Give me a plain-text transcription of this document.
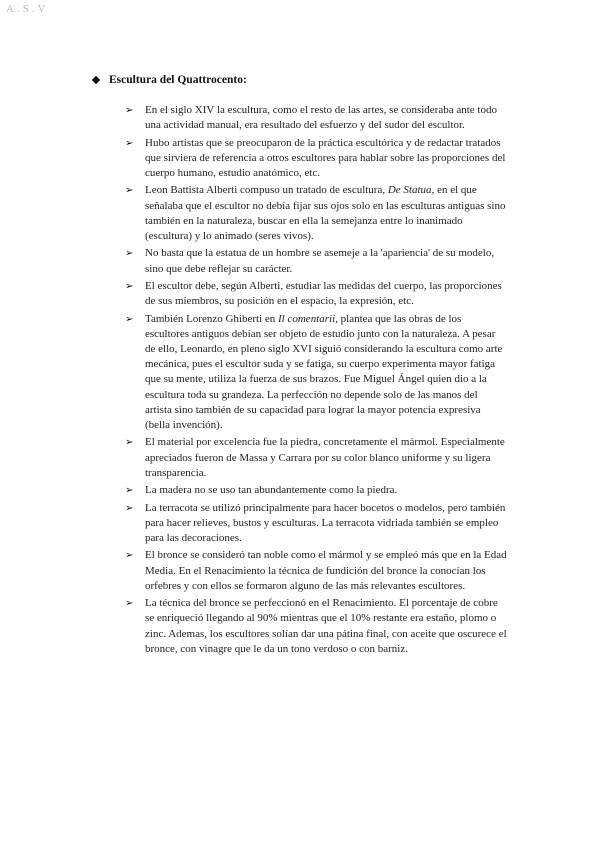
A.S.V
Escultura del Quattrocento:
➢ En el siglo XIV la escultura, como el resto de las artes, se consideraba ante todo una actividad manual, era resultado del esfuerzo y del sudor del escultor.
➢ Hubo artistas que se preocuparon de la práctica escultórica y de redactar tratados que sirviera de referencia a otros escultores para hablar sobre las proporciones del cuerpo humano, estudio anatómico, etc.
➢ Leon Battista Alberti compuso un tratado de escultura, De Statua, en el que señalaba que el escultor no debía fijar sus ojos solo en las esculturas antiguas sino también en la naturaleza, buscar en ella la semejanza entre lo inanimado (escultura) y lo animado (seres vivos).
➢ No basta que la estatua de un hombre se asemeje a la 'apariencia' de su modelo, sino que debe reflejar su carácter.
➢ El escultor debe, según Alberti, estudiar las medidas del cuerpo, las proporciones de sus miembros, su posición en el espacio, la expresión, etc.
➢ También Lorenzo Ghiberti en Il comentarii, plantea que las obras de los escultores antiguos debían ser objeto de estudio junto con la naturaleza. A pesar de ello, Leonardo, en pleno siglo XVI siguió considerando la escultura como arte mecánica, pues el escultor suda y se fatiga, su cuerpo experimenta mayor fatiga que su mente, utiliza la fuerza de sus brazos. Fue Miguel Ángel quien dio a la escultura toda su grandeza. La perfección no depende solo de las manos del artista sino también de su capacidad para lograr la mayor potencia expresiva (bella invención).
➢ El material por excelencia fue la piedra, concretamente el mármol. Especialmente apreciados fueron de Massa y Carrara por su color blanco uniforme y su ligera transparencia.
➢ La madera no se uso tan abundantemente como la piedra.
➢ La terracota se utilizó principalmente para hacer bocetos o modelos, pero también para hacer relieves, bustos y esculturas. La terracota vidriada también se empleo para las decoraciones.
➢ El bronce se consideró tan noble como el mármol y se empleó más que en la Edad Media. En el Renacimiento la técnica de fundición del bronce la conocían los orfebres y con ellos se formaron alguno de las más relevantes escultores.
➢ La técnica del bronce se perfeccionó en el Renacimiento. El porcentaje de cobre se enriqueció llegando al 90% mientras que el 10% restante era estaño, plomo o zinc. Ademas, los escultores solían dar una pátina final, con aceite que oscurece el bronce, con vinagre que le da un tono verdoso o con barniz.
